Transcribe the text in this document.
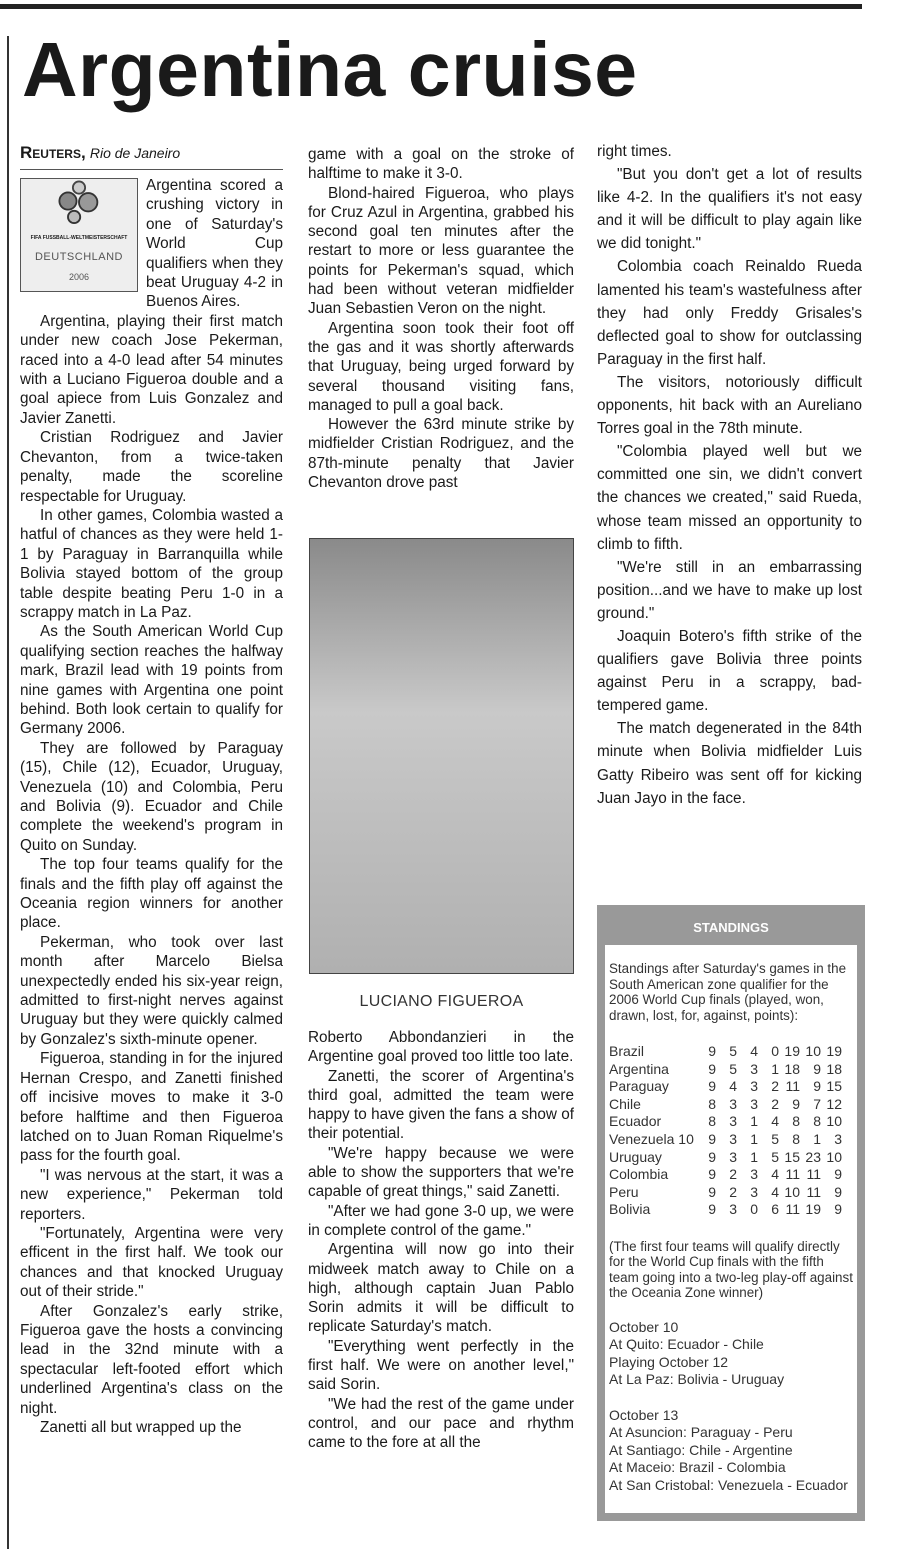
Argentina cruise
Reuters, Rio de Janeiro
FIFA FUSSBALL-WELTMEISTERSCHAFT
DEUTSCHLAND
2006

Argentina scored a crushing victory in one of Saturday's World Cup qualifiers when they beat Uruguay 4-2 in Buenos Aires.

Argentina, playing their first match under new coach Jose Pekerman, raced into a 4-0 lead after 54 minutes with a Luciano Figueroa double and a goal apiece from Luis Gonzalez and Javier Zanetti.

Cristian Rodriguez and Javier Chevanton, from a twice-taken penalty, made the scoreline respectable for Uruguay.

In other games, Colombia wasted a hatful of chances as they were held 1-1 by Paraguay in Barranquilla while Bolivia stayed bottom of the group table despite beating Peru 1-0 in a scrappy match in La Paz.

As the South American World Cup qualifying section reaches the halfway mark, Brazil lead with 19 points from nine games with Argentina one point behind. Both look certain to qualify for Germany 2006.

They are followed by Paraguay (15), Chile (12), Ecuador, Uruguay, Venezuela (10) and Colombia, Peru and Bolivia (9). Ecuador and Chile complete the weekend's program in Quito on Sunday.

The top four teams qualify for the finals and the fifth play off against the Oceania region winners for another place.

Pekerman, who took over last month after Marcelo Bielsa unexpectedly ended his six-year reign, admitted to first-night nerves against Uruguay but they were quickly calmed by Gonzalez's sixth-minute opener.

Figueroa, standing in for the injured Hernan Crespo, and Zanetti finished off incisive moves to make it 3-0 before halftime and then Figueroa latched on to Juan Roman Riquelme's pass for the fourth goal.

"I was nervous at the start, it was a new experience," Pekerman told reporters.

"Fortunately, Argentina were very efficent in the first half. We took our chances and that knocked Uruguay out of their stride."

After Gonzalez's early strike, Figueroa gave the hosts a convincing lead in the 32nd minute with a spectacular left-footed effort which underlined Argentina's class on the night.

Zanetti all but wrapped up the

game with a goal on the stroke of halftime to make it 3-0.

Blond-haired Figueroa, who plays for Cruz Azul in Argentina, grabbed his second goal ten minutes after the restart to more or less guarantee the points for Pekerman's squad, which had been without veteran midfielder Juan Sebastien Veron on the night.

Argentina soon took their foot off the gas and it was shortly afterwards that Uruguay, being urged forward by several thousand visiting fans, managed to pull a goal back.

However the 63rd minute strike by midfielder Cristian Rodriguez, and the 87th-minute penalty that Javier Chevanton drove past

LUCIANO FIGUEROA

Roberto Abbondanzieri in the Argentine goal proved too little too late.

Zanetti, the scorer of Argentina's third goal, admitted the team were happy to have given the fans a show of their potential.

"We're happy because we were able to show the supporters that we're capable of great things," said Zanetti.

"After we had gone 3-0 up, we were in complete control of the game."

Argentina will now go into their midweek match away to Chile on a high, although captain Juan Pablo Sorin admits it will be difficult to replicate Saturday's match.

"Everything went perfectly in the first half. We were on another level," said Sorin.

"We had the rest of the game under control, and our pace and rhythm came to the fore at all the

right times.

"But you don't get a lot of results like 4-2. In the qualifiers it's not easy and it will be difficult to play again like we did tonight."

Colombia coach Reinaldo Rueda lamented his team's wastefulness after they had only Freddy Grisales's deflected goal to show for outclassing Paraguay in the first half.

The visitors, notoriously difficult opponents, hit back with an Aureliano Torres goal in the 78th minute.

"Colombia played well but we committed one sin, we didn't convert the chances we created," said Rueda, whose team missed an opportunity to climb to fifth.

"We're still in an embarrassing position...and we have to make up lost ground."

Joaquin Botero's fifth strike of the qualifiers gave Bolivia three points against Peru in a scrappy, bad-tempered game.

The match degenerated in the 84th minute when Bolivia midfielder Luis Gatty Ribeiro was sent off for kicking Juan Jayo in the face.

STANDINGS
Standings after Saturday's games in the South American zone qualifier for the 2006 World Cup finals (played, won, drawn, lost, for, against, points):
Brazil	9	5	4	0	19	10	19
Argentina	9	5	3	1	18	9	18
Paraguay	9	4	3	2	11	9	15
Chile	8	3	3	2	9	7	12
Ecuador	8	3	1	4	8	8	10
Venezuela 10	9	3	1	5	8	1	3
Uruguay	9	3	1	5	15	23	10
Colombia	9	2	3	4	11	11	9
Peru	9	2	3	4	10	11	9
Bolivia	9	3	0	6	11	19	9
(The first four teams will qualify directly for the World Cup finals with the fifth team going into a two-leg play-off against the Oceania Zone winner)
October 10
At Quito: Ecuador - Chile
Playing October 12
At La Paz: Bolivia - Uruguay
October 13
At Asuncion: Paraguay - Peru
At Santiago: Chile - Argentine
At Maceio: Brazil - Colombia
At San Cristobal: Venezuela - Ecuador
